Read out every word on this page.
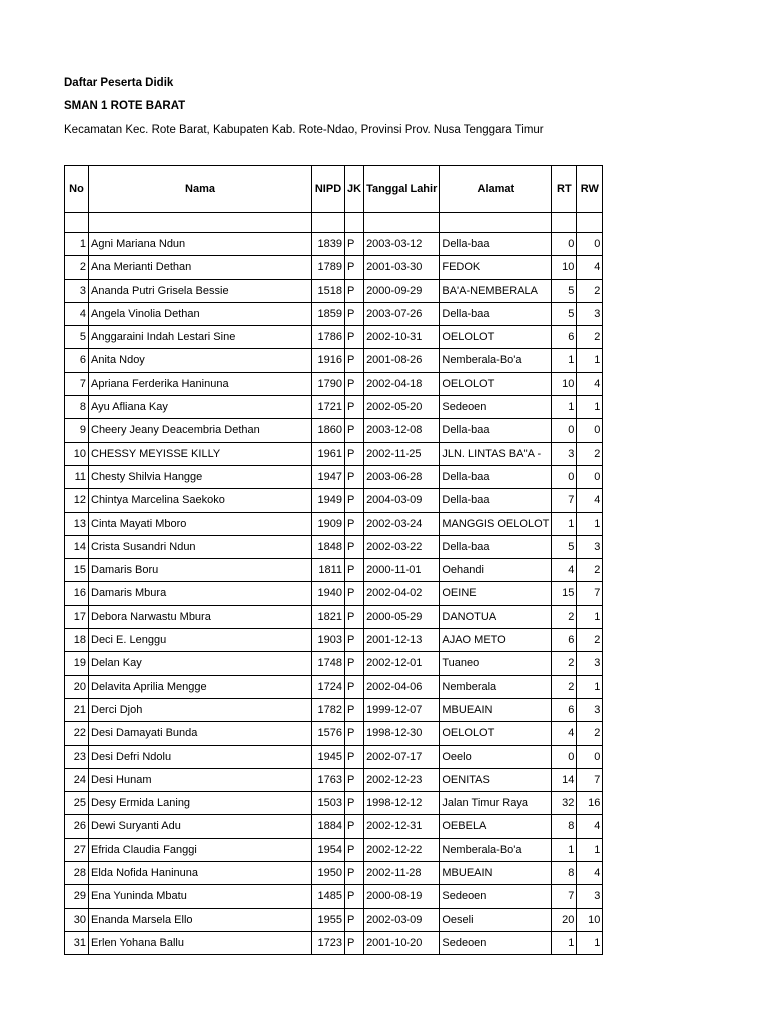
Daftar Peserta Didik
SMAN 1 ROTE BARAT
Kecamatan Kec. Rote Barat, Kabupaten Kab. Rote-Ndao, Provinsi Prov. Nusa Tenggara Timur
No	Nama	NIPD	JK	Tanggal Lahir	Alamat	RT	RW

1	Agni Mariana Ndun	1839	P	2003-03-12	Della-baa	0	0
2	Ana Merianti Dethan	1789	P	2001-03-30	FEDOK	10	4
3	Ananda Putri Grisela Bessie	1518	P	2000-09-29	BA'A-NEMBERALA	5	2
4	Angela Vinolia Dethan	1859	P	2003-07-26	Della-baa	5	3
5	Anggaraini Indah Lestari Sine	1786	P	2002-10-31	OELOLOT	6	2
6	Anita Ndoy	1916	P	2001-08-26	Nemberala-Bo'a	1	1
7	Apriana Ferderika Haninuna	1790	P	2002-04-18	OELOLOT	10	4
8	Ayu Afliana Kay	1721	P	2002-05-20	Sedeoen	1	1
9	Cheery Jeany Deacembria Dethan	1860	P	2003-12-08	Della-baa	0	0
10	CHESSY MEYISSE KILLY	1961	P	2002-11-25	JLN. LINTAS BA''A -	3	2
11	Chesty Shilvia Hangge	1947	P	2003-06-28	Della-baa	0	0
12	Chintya Marcelina Saekoko	1949	P	2004-03-09	Della-baa	7	4
13	Cinta Mayati Mboro	1909	P	2002-03-24	MANGGIS OELOLOT	1	1
14	Crista Susandri Ndun	1848	P	2002-03-22	Della-baa	5	3
15	Damaris Boru	1811	P	2000-11-01	Oehandi	4	2
16	Damaris Mbura	1940	P	2002-04-02	OEINE	15	7
17	Debora Narwastu Mbura	1821	P	2000-05-29	DANOTUA	2	1
18	Deci E. Lenggu	1903	P	2001-12-13	AJAO METO	6	2
19	Delan Kay	1748	P	2002-12-01	Tuaneo	2	3
20	Delavita Aprilia Mengge	1724	P	2002-04-06	Nemberala	2	1
21	Derci Djoh	1782	P	1999-12-07	MBUEAIN	6	3
22	Desi Damayati Bunda	1576	P	1998-12-30	OELOLOT	4	2
23	Desi Defri Ndolu	1945	P	2002-07-17	Oeelo	0	0
24	Desi Hunam	1763	P	2002-12-23	OENITAS	14	7
25	Desy Ermida Laning	1503	P	1998-12-12	Jalan Timur Raya	32	16
26	Dewi Suryanti Adu	1884	P	2002-12-31	OEBELA	8	4
27	Efrida Claudia Fanggi	1954	P	2002-12-22	Nemberala-Bo'a	1	1
28	Elda Nofida Haninuna	1950	P	2002-11-28	MBUEAIN	8	4
29	Ena Yuninda Mbatu	1485	P	2000-08-19	Sedeoen	7	3
30	Enanda Marsela Ello	1955	P	2002-03-09	Oeseli	20	10
31	Erlen Yohana Ballu	1723	P	2001-10-20	Sedeoen	1	1
